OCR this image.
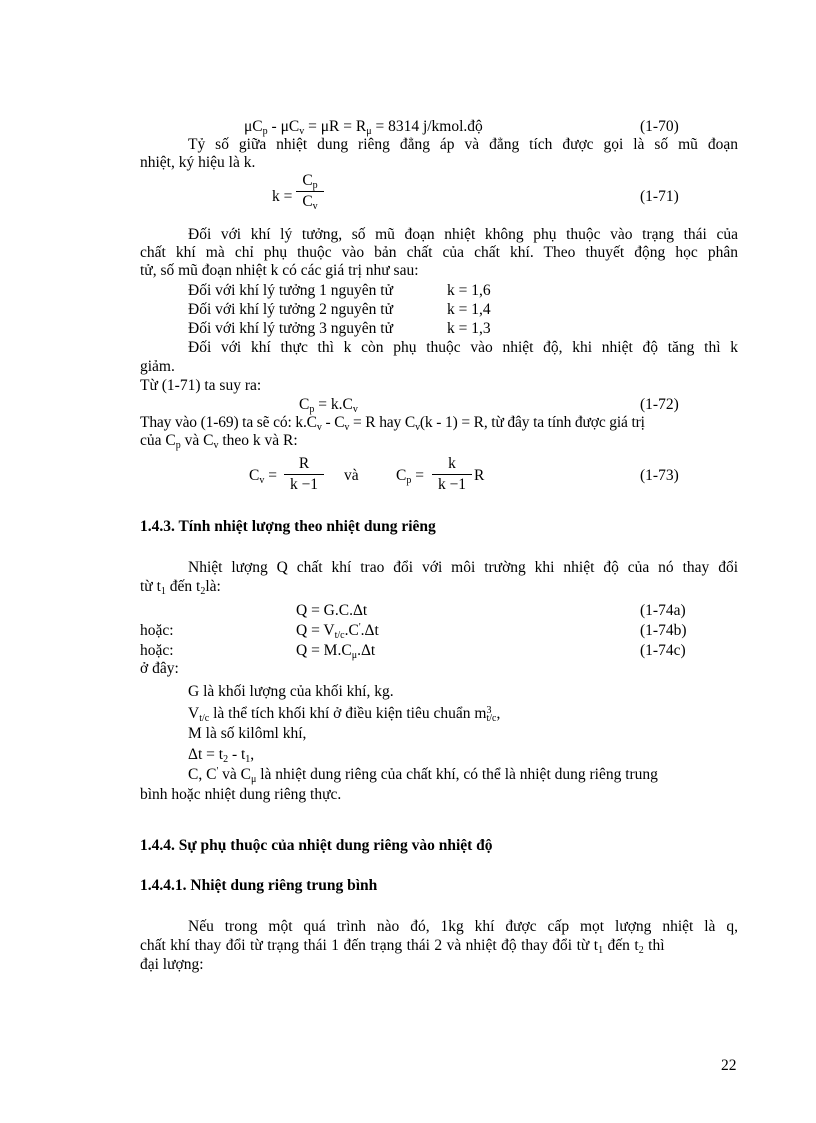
$\mu C_p - \mu C_v = \mu R = R_\mu = 8314$ j/kmol.độ	(1-70)
Tỷ số giữa nhiệt dung riêng đẳng áp và đẳng tích được gọi là số mũ đoạn
nhiệt, ký hiệu là k.
k =
$C_p$
$C_v$
(1-71)
Đối với khí lý tưởng, số mũ đoạn nhiệt không phụ thuộc vào trạng thái của
chất khí mà chỉ phụ thuộc vào bản chất của chất khí. Theo thuyết động học phân
tử, số mũ đoạn nhiệt k có các giá trị như sau:
Đối với khí lý tưởng 1 nguyên tử	k = 1,6
Đối với khí lý tưởng 2 nguyên tử	k = 1,4
Đối với khí lý tưởng 3 nguyên tử	k = 1,3
Đối với khí thực thì k còn phụ thuộc vào nhiệt độ, khi nhiệt độ tăng thì k
giảm.
Từ (1-71) ta suy ra:
$C_p = k.C_v$	(1-72)
Thay vào (1-69) ta sẽ có: $k.C_v - C_v = R$ hay $C_v(k - 1) = R$, từ đây ta tính được giá trị
của $C_p$ và $C_v$ theo k và R:
$C_v$ =
R
k −1
và $C_p$ =
k
k −1
R	(1-73)
1.4.3. Tính nhiệt lượng theo nhiệt dung riêng
Nhiệt lượng Q chất khí trao đổi với môi trường khi nhiệt độ của nó thay đổi
từ $t_1$ đến $t_2là$:
Q = G.C.Δt	(1-74a)
hoặc:	$Q = V_{t/c}.C'.\Delta t$	(1-74b)
hoặc:	$Q = M.C_\mu.\Delta t$	(1-74c)
ở đây:
G là khối lượng của khối khí, kg.
$V_{t/c}$ là thể tích khối khí ở điều kiện tiêu chuẩn $m^3_{t/c}$,
M là số kilôml khí,
$\Delta t = t_2 - t_1$,
C, C' và $C_\mu$ là nhiệt dung riêng của chất khí, có thể là nhiệt dung riêng trung
bình hoặc nhiệt dung riêng thực.
1.4.4. Sự phụ thuộc của nhiệt dung riêng vào nhiệt độ
1.4.4.1. Nhiệt dung riêng trung bình
Nếu trong một quá trình nào đó, 1kg khí được cấp mọt lượng nhiệt là q,
chất khí thay đổi từ trạng thái 1 đến trạng thái 2 và nhiệt độ thay đổi từ $t_1$ đến $t_2$ thì
đại lượng:
22
